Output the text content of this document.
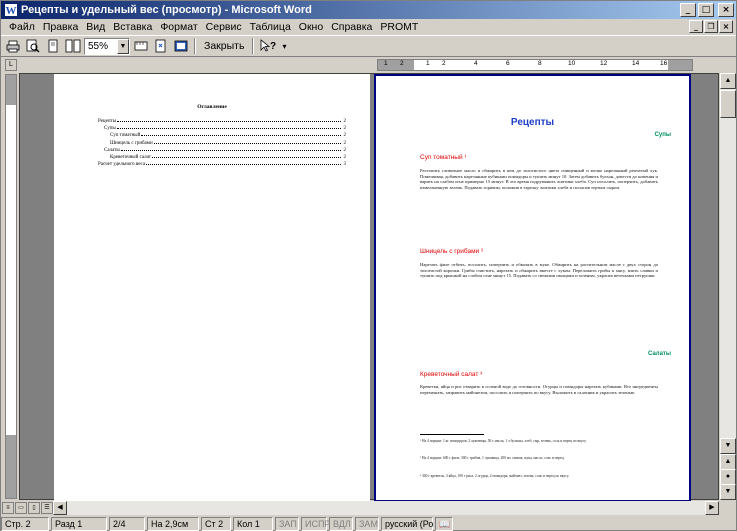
W Рецепты и удельный вес (просмотр) - Microsoft Word	_	□	×
Файл Правка Вид Вставка Формат Сервис Таблица Окно Справка PROMT	_	❐	×
55%	▼	Закрыть	? ▾
L	1 2	1 2	4	6	8	10	12	14	16
Оглавление
Рецепты	2
Супы	2
Суп томатный	2
Шницель с грибами	2
Салаты	2
Креветочный салат	2
Расчет удельного веса	3
Рецепты
Супы
Суп томатный ¹
Растопить сливочное масло и обжарить в нем до золотистого цвета очищенный и мелко нарезанный репчатый лук. Помешивая, добавить нарезанные кубиками помидоры и тушить минут 10. Затем добавить бульон, довести до кипения и варить на слабом огне примерно 15 минут. В это время подрумянить ломтики хлеба. Суп посолить, поперчить, добавить измельченную зелень. Подавать горячим, положив в тарелку ломтики хлеба и посыпав тертым сыром.
Шницель с грибами ²
Нарезать филе отбить, посолить, поперчить и обвалять в муке. Обжарить на растительном масле с двух сторон до золотистой корочки. Грибы очистить, нарезать и обжарить вместе с луком. Переложить грибы к мясу, влить сливки и тушить под крышкой на слабом огне минут 15. Подавать со свежими овощами и зеленью, украсив веточками петрушки.
Салаты
Креветочный салат ³
Креветки, яйца и рис отварить в соленой воде до готовности. Огурцы и помидоры нарезать кубиками. Все ингредиенты перемешать, заправить майонезом, посолить и поперчить по вкусу. Выложить в салатник и украсить зеленью.
¹ На 4 порции: 1 кг помидоров, 2 луковицы, 50 г масла, 1 л бульона, хлеб, сыр, зелень, соль и перец по вкусу.
² На 4 порции: 600 г филе, 300 г грибов, 1 луковица, 200 мл сливок, мука, масло, соль и перец.
³ 300 г креветок, 3 яйца, 100 г риса, 2 огурца, 2 помидора, майонез, зелень, соль и перец по вкусу.
▲
▼
▲
●
▼
≡	▭	▯	☰	◀	▶
Стр. 2	Разд 1	2/4	На 2,9см	Ст 2	Кол 1	ЗАП ИСПР ВДЛ ЗАМ русский (Ро 📖
